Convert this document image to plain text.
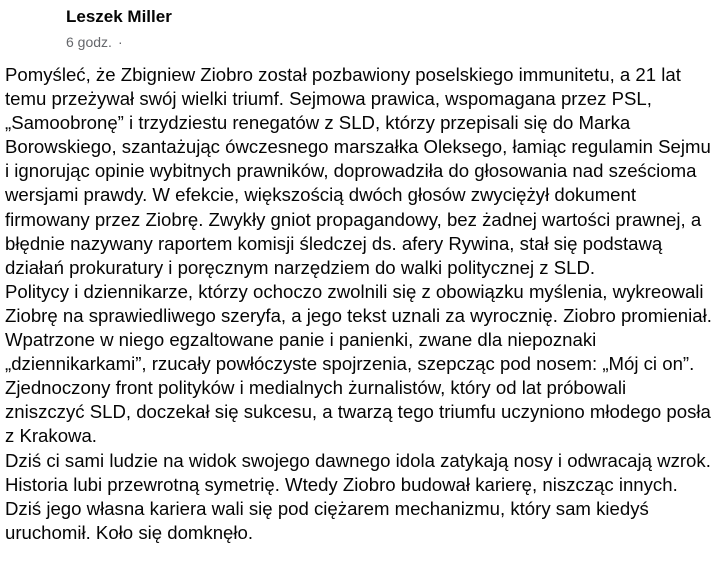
Leszek Miller
6 godz. ·
Pomyśleć, że Zbigniew Ziobro został pozbawiony poselskiego immunitetu, a 21 lat
temu przeżywał swój wielki triumf. Sejmowa prawica, wspomagana przez PSL,
„Samoobronę” i trzydziestu renegatów z SLD, którzy przepisali się do Marka
Borowskiego, szantażując ówczesnego marszałka Oleksego, łamiąc regulamin Sejmu
i ignorując opinie wybitnych prawników, doprowadziła do głosowania nad sześcioma
wersjami prawdy. W efekcie, większością dwóch głosów zwyciężył dokument
firmowany przez Ziobrę. Zwykły gniot propagandowy, bez żadnej wartości prawnej, a
błędnie nazywany raportem komisji śledczej ds. afery Rywina, stał się podstawą
działań prokuratury i poręcznym narzędziem do walki politycznej z SLD.
Politycy i dziennikarze, którzy ochoczo zwolnili się z obowiązku myślenia, wykreowali
Ziobrę na sprawiedliwego szeryfa, a jego tekst uznali za wyrocznię. Ziobro promieniał.
Wpatrzone w niego egzaltowane panie i panienki, zwane dla niepoznaki
„dziennikarkami”, rzucały powłóczyste spojrzenia, szepcząc pod nosem: „Mój ci on”.
Zjednoczony front polityków i medialnych żurnalistów, który od lat próbowali
zniszczyć SLD, doczekał się sukcesu, a twarzą tego triumfu uczyniono młodego posła
z Krakowa.
Dziś ci sami ludzie na widok swojego dawnego idola zatykają nosy i odwracają wzrok.
Historia lubi przewrotną symetrię. Wtedy Ziobro budował karierę, niszcząc innych.
Dziś jego własna kariera wali się pod ciężarem mechanizmu, który sam kiedyś
uruchomił. Koło się domknęło.
